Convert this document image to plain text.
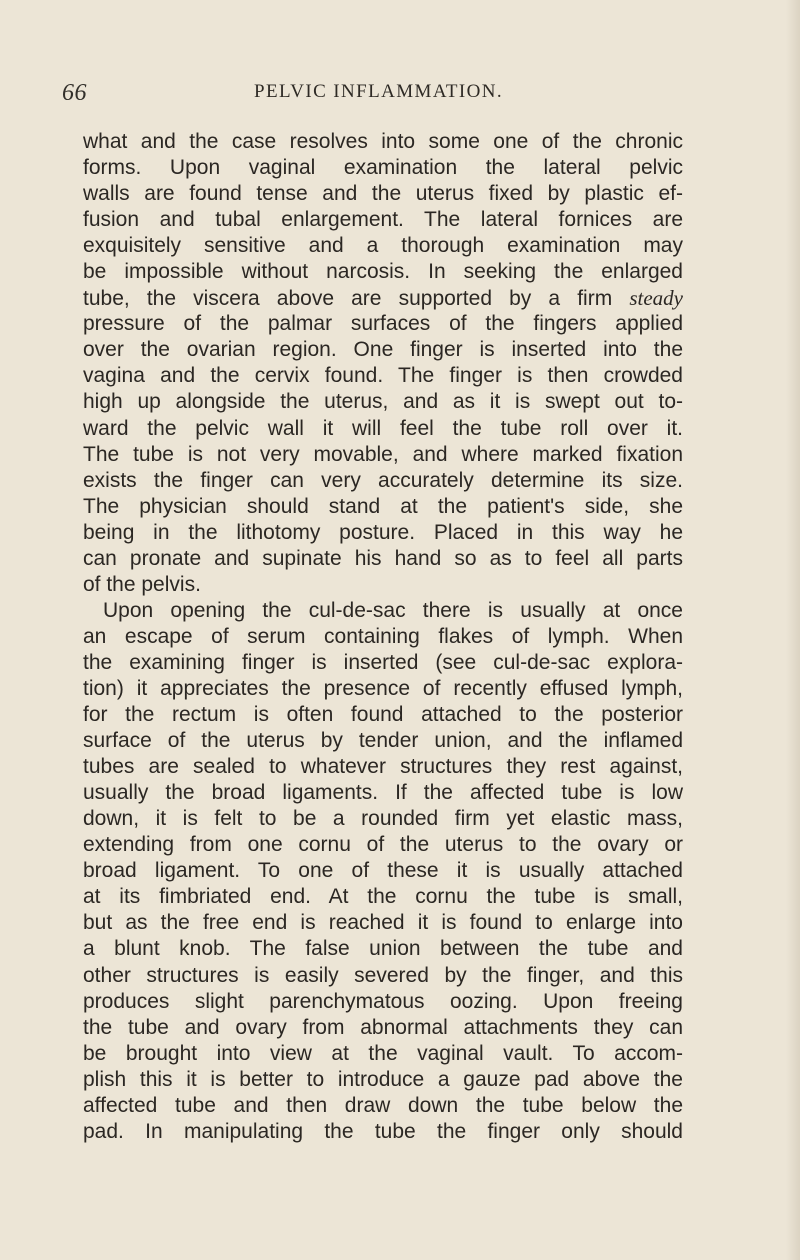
66	PELVIC INFLAMMATION.
what and the case resolves into some one of the chronic
forms. Upon vaginal examination the lateral pelvic
walls are found tense and the uterus fixed by plastic ef-
fusion and tubal enlargement. The lateral fornices are
exquisitely sensitive and a thorough examination may
be impossible without narcosis. In seeking the enlarged
tube, the viscera above are supported by a firm steady
pressure of the palmar surfaces of the fingers applied
over the ovarian region. One finger is inserted into the
vagina and the cervix found. The finger is then crowded
high up alongside the uterus, and as it is swept out to-
ward the pelvic wall it will feel the tube roll over it.
The tube is not very movable, and where marked fixation
exists the finger can very accurately determine its size.
The physician should stand at the patient's side, she
being in the lithotomy posture. Placed in this way he
can pronate and supinate his hand so as to feel all parts
of the pelvis.
Upon opening the cul-de-sac there is usually at once
an escape of serum containing flakes of lymph. When
the examining finger is inserted (see cul-de-sac explora-
tion) it appreciates the presence of recently effused lymph,
for the rectum is often found attached to the posterior
surface of the uterus by tender union, and the inflamed
tubes are sealed to whatever structures they rest against,
usually the broad ligaments. If the affected tube is low
down, it is felt to be a rounded firm yet elastic mass,
extending from one cornu of the uterus to the ovary or
broad ligament. To one of these it is usually attached
at its fimbriated end. At the cornu the tube is small,
but as the free end is reached it is found to enlarge into
a blunt knob. The false union between the tube and
other structures is easily severed by the finger, and this
produces slight parenchymatous oozing. Upon freeing
the tube and ovary from abnormal attachments they can
be brought into view at the vaginal vault. To accom-
plish this it is better to introduce a gauze pad above the
affected tube and then draw down the tube below the
pad. In manipulating the tube the finger only should
